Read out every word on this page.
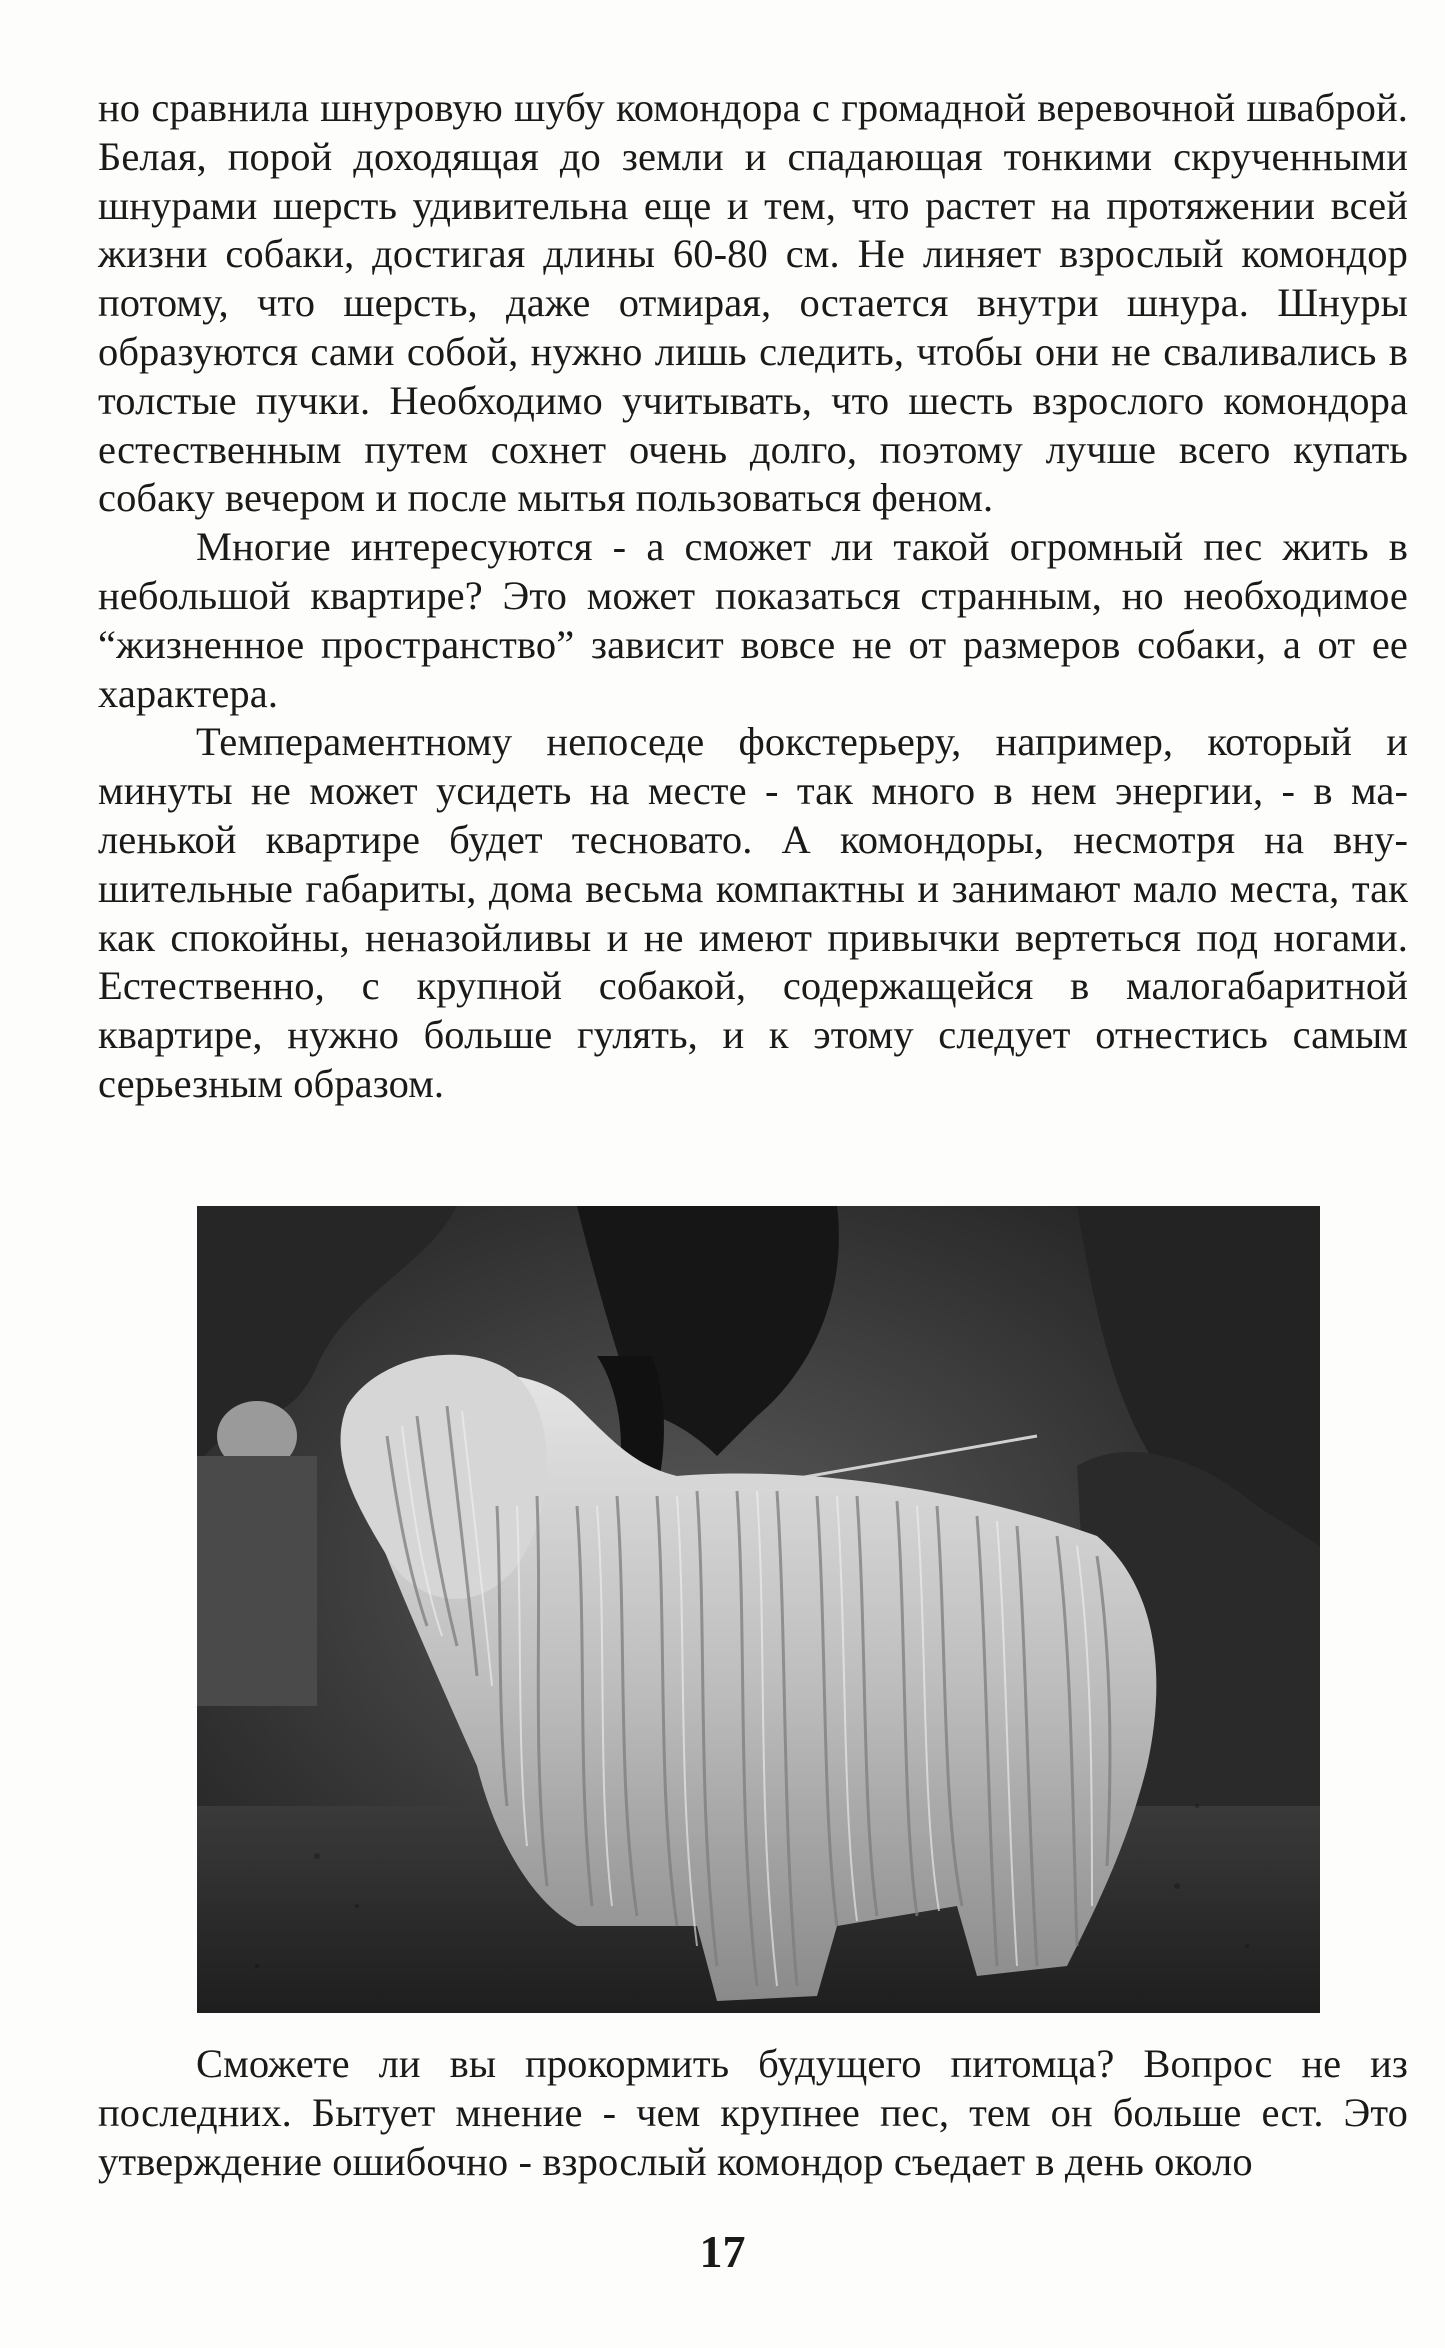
но сравнила шнуровую шубу комондора с громадной веревочной шваброй. Белая, порой доходящая до земли и спадающая тонкими скрученными шнурами шерсть удивительна еще и тем, что растет на протяжении всей жизни собаки, достигая длины 60-80 см. Не линяет взрослый комондор потому, что шерсть, даже отмирая, остается внутри шнура. Шнуры образуются сами собой, нужно лишь следить, чтобы они не сваливались в толстые пучки. Необходимо учитывать, что шесть взрослого комондора естественным путем сохнет очень долго, поэтому лучше всего купать собаку вечером и после мытья пользоваться феном.

Многие интересуются - а сможет ли такой огромный пес жить в небольшой квартире? Это может показаться странным, но необходимое “жизненное пространство” зависит вовсе не от размеров собаки, а от ее характера.

Темпераментному непоседе фокстерьеру, например, который и минуты не может усидеть на месте - так много в нем энергии, - в маленькой квартире будет тесновато. А комондоры, несмотря на внушительные габариты, дома весьма компактны и занимают мало места, так как спокойны, неназойливы и не имеют привычки вертеться под ногами. Естественно, с крупной собакой, содержащейся в малогабаритной квартире, нужно больше гулять, и к этому следует отнестись самым серьезным образом.

Сможете ли вы прокормить будущего питомца? Вопрос не из последних. Бытует мнение - чем крупнее пес, тем он больше ест. Это утверждение ошибочно - взрослый комондор съедает в день около

17
